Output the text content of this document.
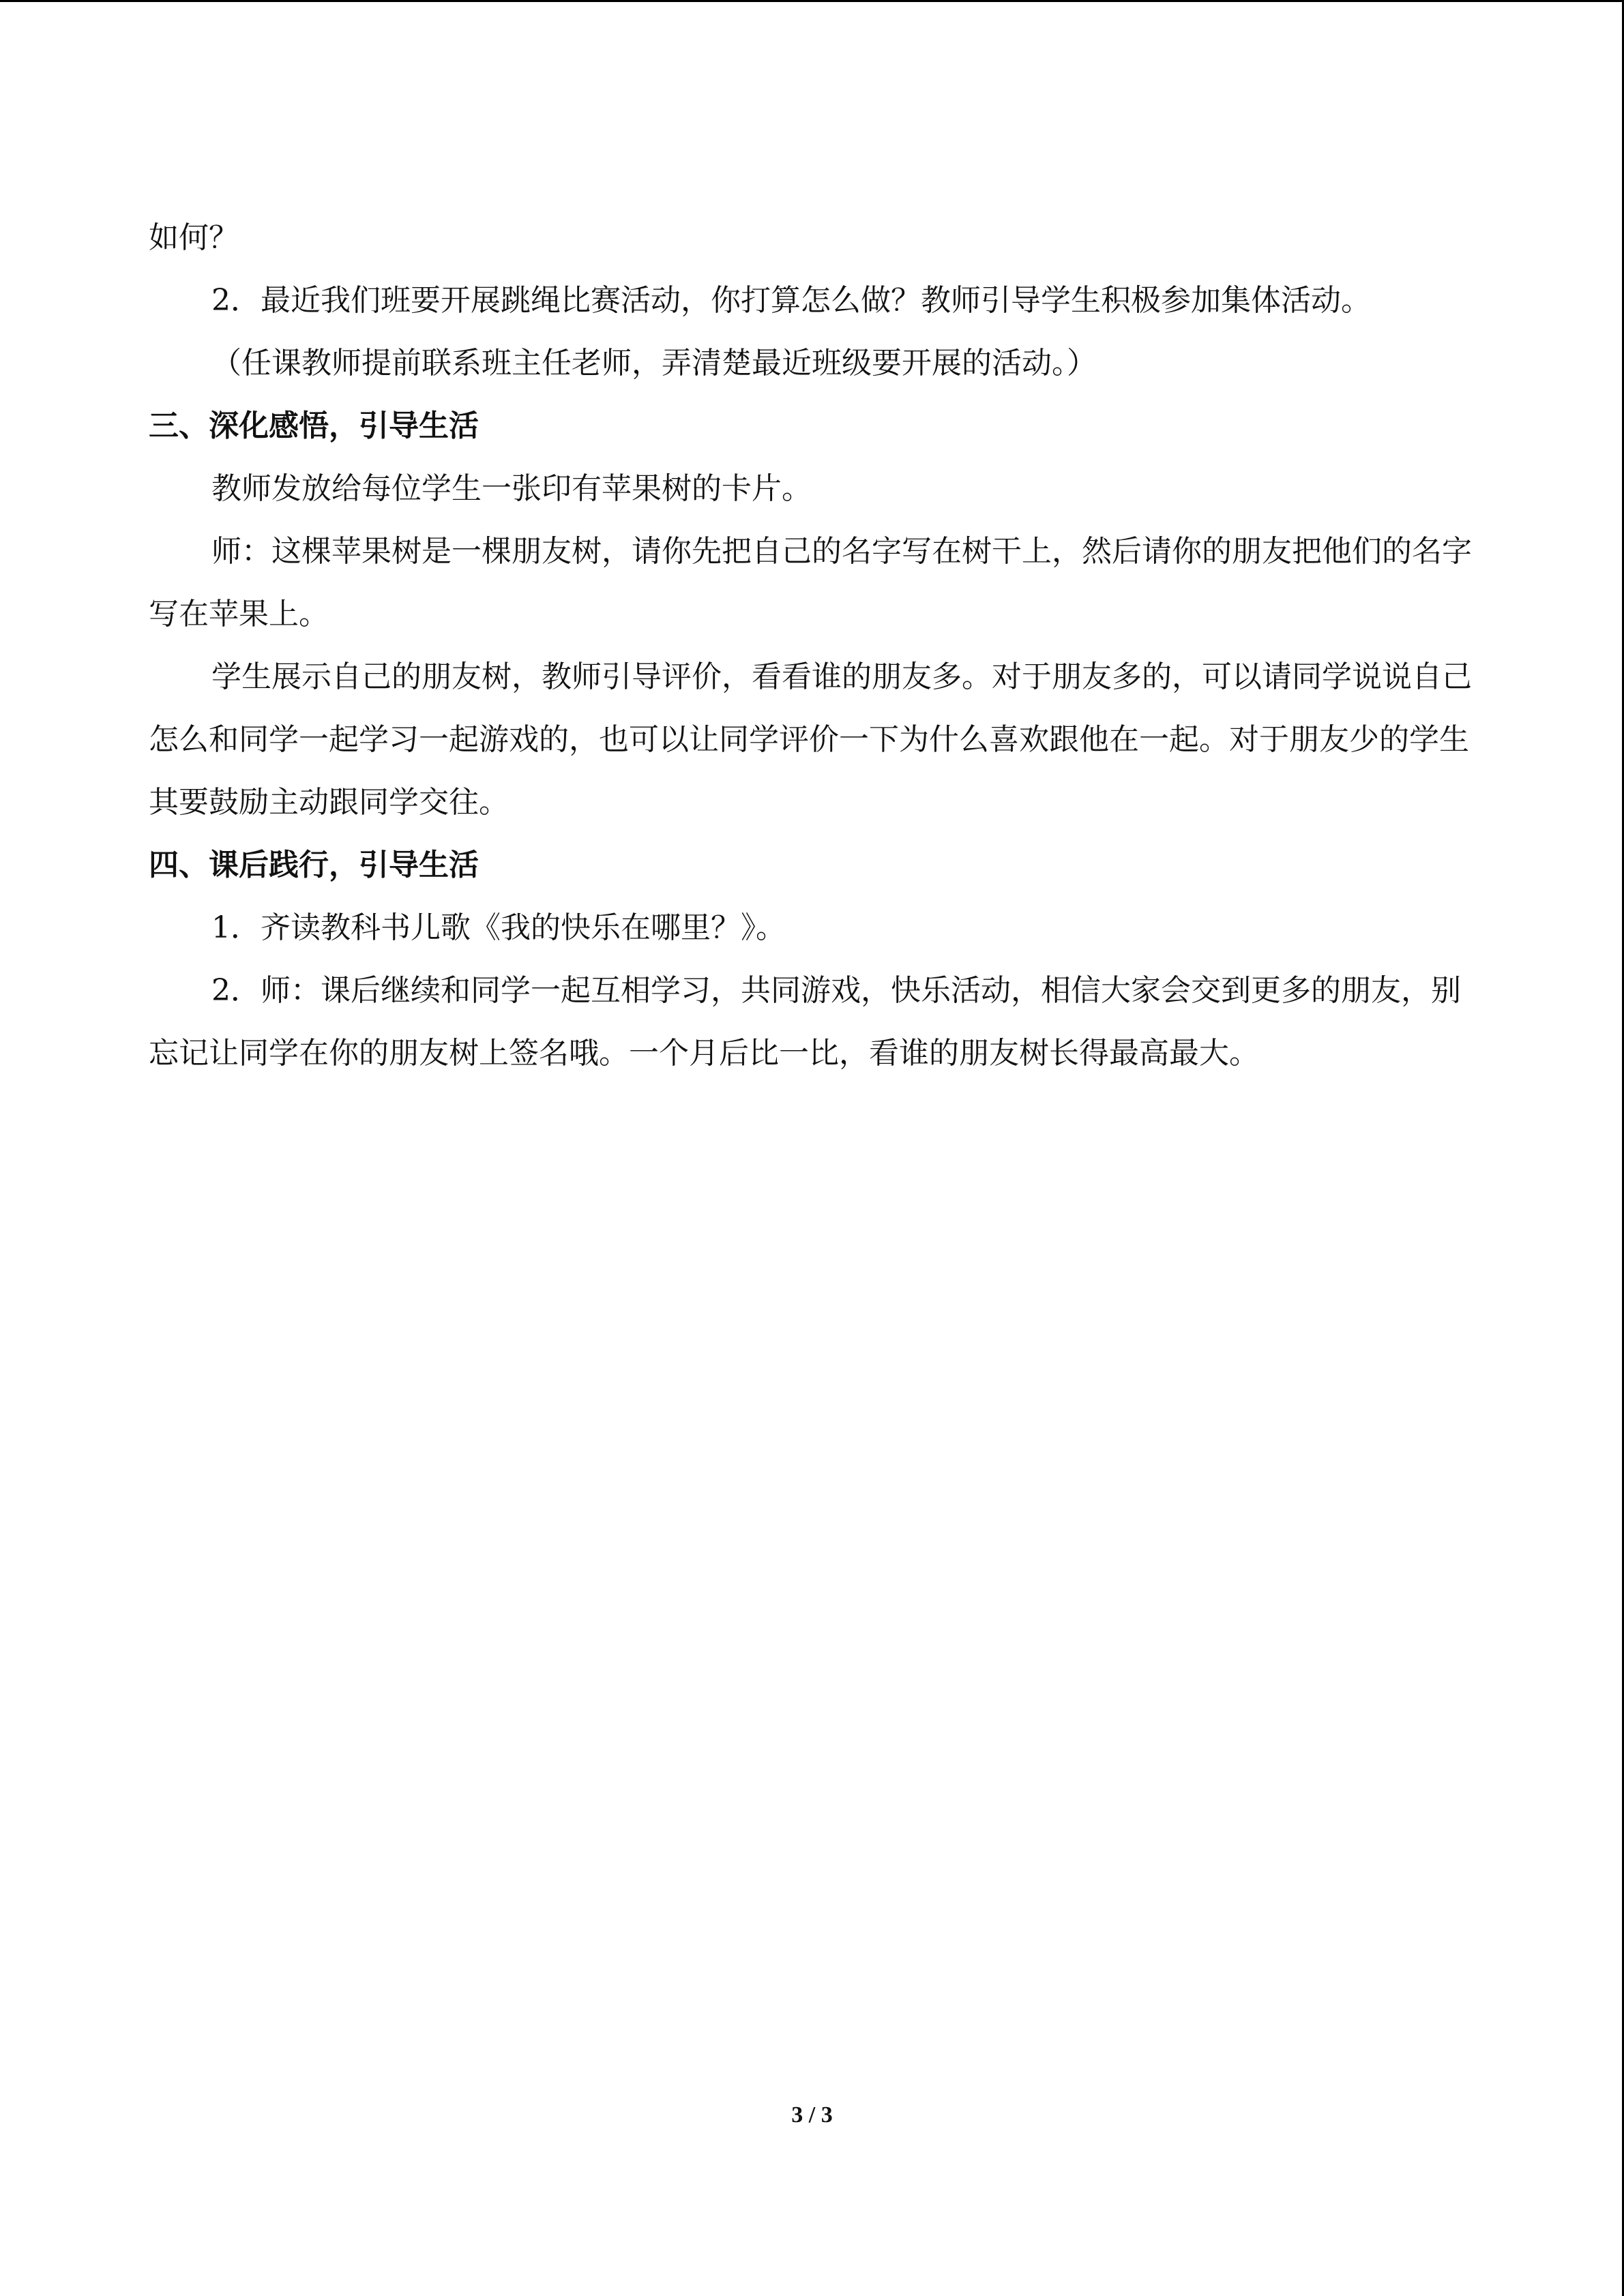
如何？

2．最近我们班要开展跳绳比赛活动，你打算怎么做？教师引导学生积极参加集体活动。

（任课教师提前联系班主任老师，弄清楚最近班级要开展的活动。）

三、深化感悟，引导生活

教师发放给每位学生一张印有苹果树的卡片。

师：这棵苹果树是一棵朋友树，请你先把自己的名字写在树干上，然后请你的朋友把他们的名字写在苹果上。

学生展示自己的朋友树，教师引导评价，看看谁的朋友多。对于朋友多的，可以请同学说说自己怎么和同学一起学习一起游戏的，也可以让同学评价一下为什么喜欢跟他在一起。对于朋友少的学生其要鼓励主动跟同学交往。

四、课后践行，引导生活

1．齐读教科书儿歌《我的快乐在哪里？》。

2．师：课后继续和同学一起互相学习，共同游戏，快乐活动，相信大家会交到更多的朋友，别忘记让同学在你的朋友树上签名哦。一个月后比一比，看谁的朋友树长得最高最大。

3 / 3
